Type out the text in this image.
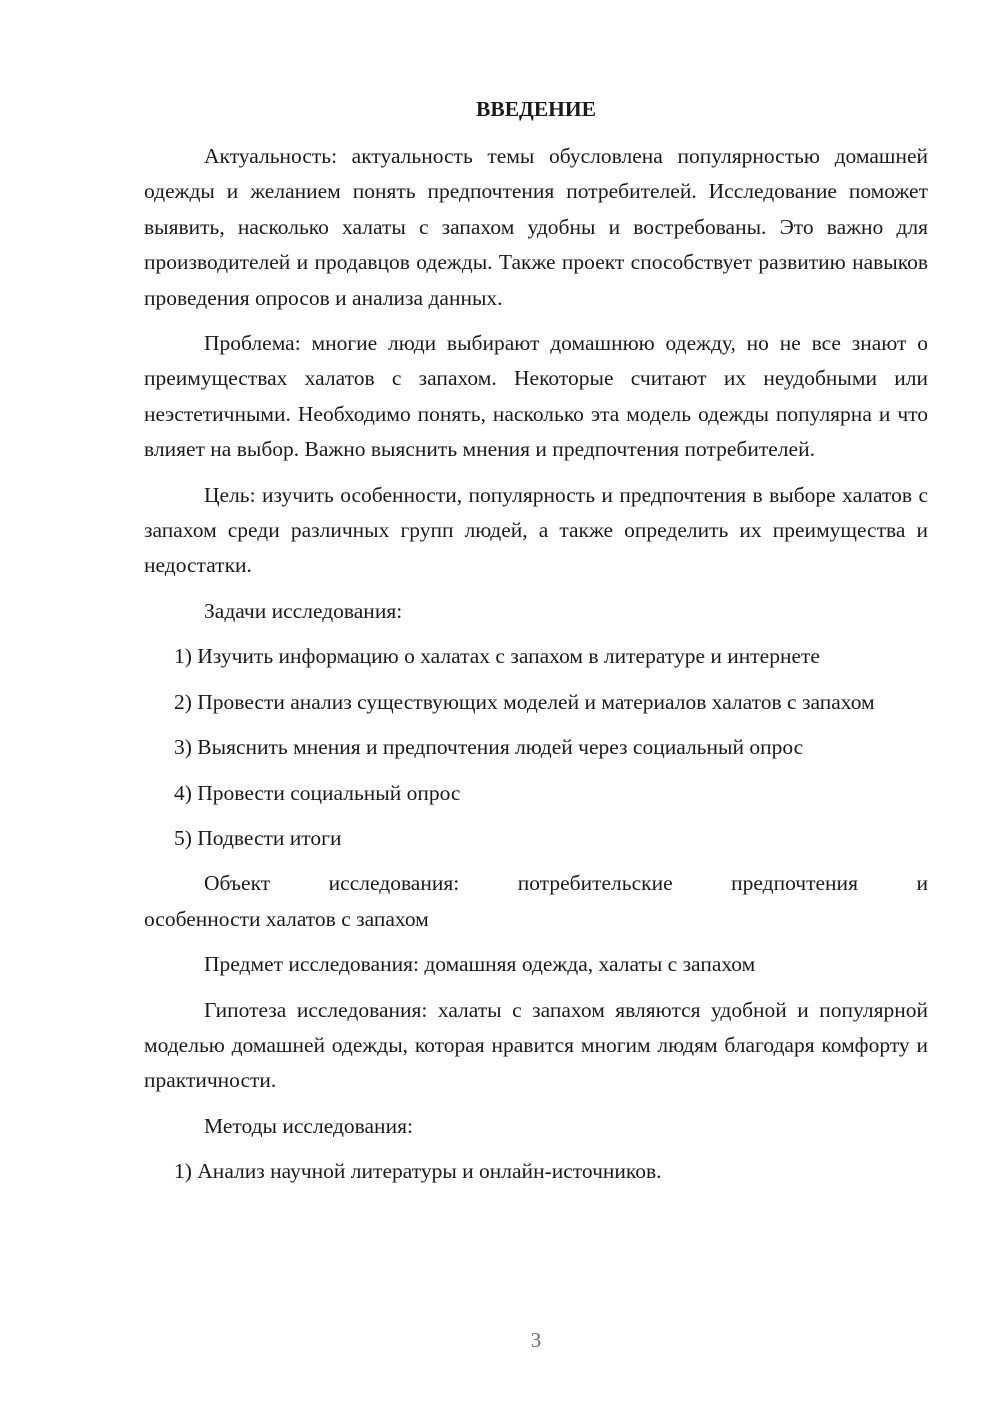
ВВЕДЕНИЕ

Актуальность: актуальность темы обусловлена популярностью домашней одежды и желанием понять предпочтения потребителей. Исследование поможет выявить, насколько халаты с запахом удобны и востребованы. Это важно для производителей и продавцов одежды. Также проект способствует развитию навыков проведения опросов и анализа данных.

Проблема: многие люди выбирают домашнюю одежду, но не все знают о преимуществах халатов с запахом. Некоторые считают их неудобными или неэстетичными. Необходимо понять, насколько эта модель одежды популярна и что влияет на выбор. Важно выяснить мнения и предпочтения потребителей.

Цель: изучить особенности, популярность и предпочтения в выборе халатов с запахом среди различных групп людей, а также определить их преимущества и недостатки.

Задачи исследования:

1) Изучить информацию о халатах с запахом в литературе и интернете

2) Провести анализ существующих моделей и материалов халатов с запахом

3) Выяснить мнения и предпочтения людей через социальный опрос

4) Провести социальный опрос

5) Подвести итоги

Объект исследования: потребительские предпочтения и
особенности халатов с запахом

Предмет исследования: домашняя одежда, халаты с запахом

Гипотеза исследования: халаты с запахом являются удобной и популярной моделью домашней одежды, которая нравится многим людям благодаря комфорту и практичности.

Методы исследования:

1) Анализ научной литературы и онлайн-источников.

3
